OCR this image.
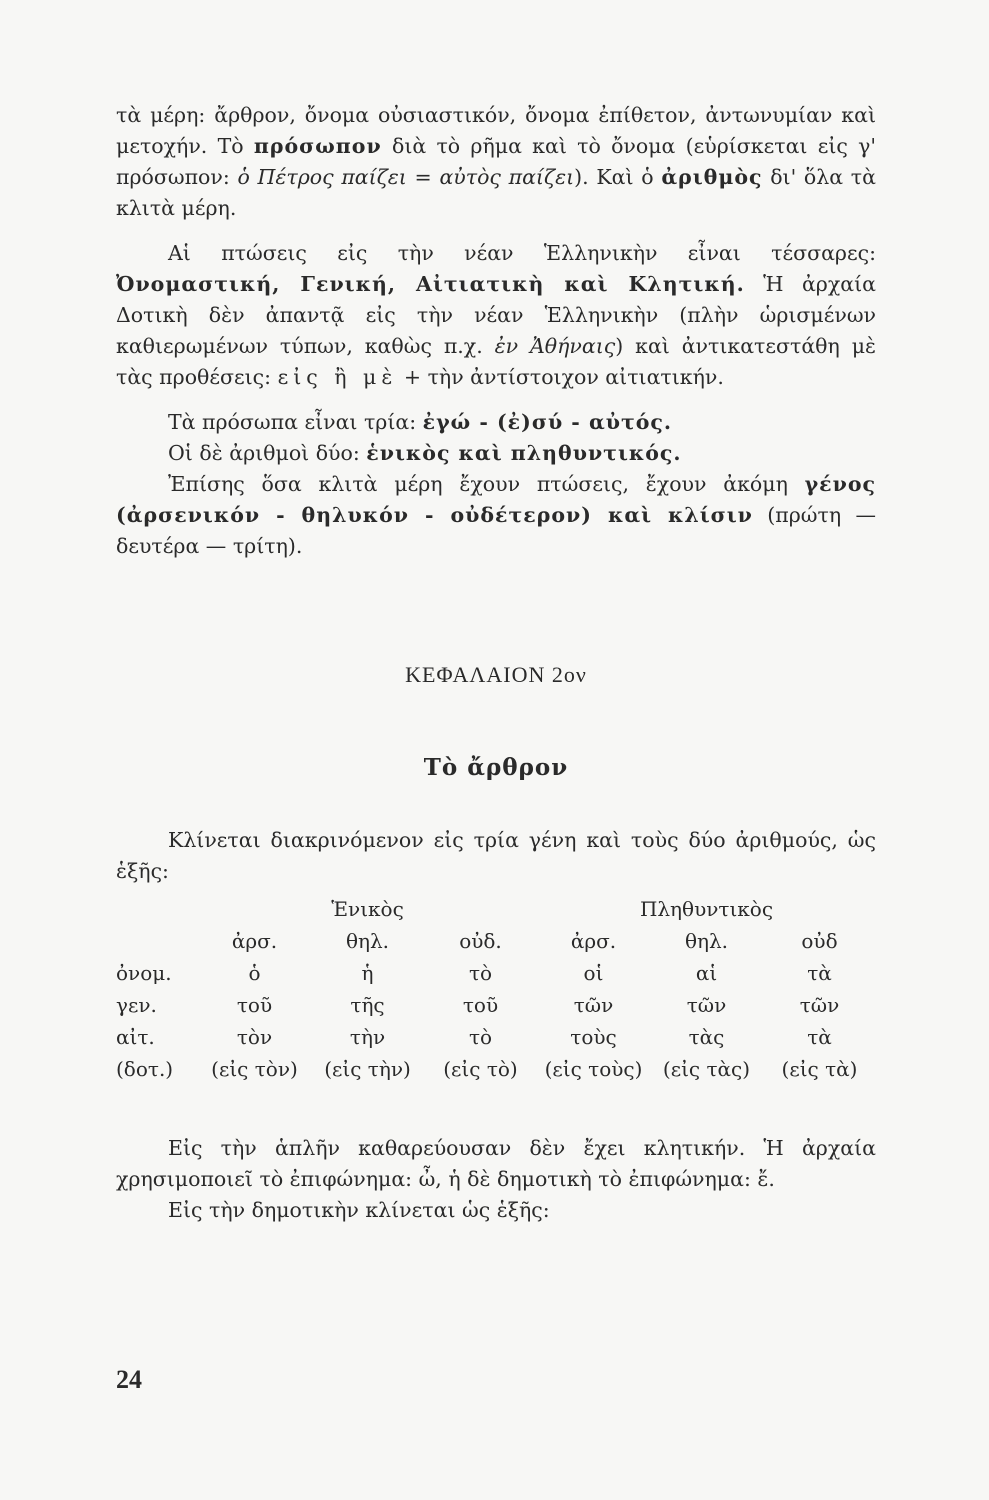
τὰ μέρη: ἄρθρον, ὄνομα οὐσιαστικόν, ὄνομα ἐπίθετον, ἀντωνυμίαν καὶ μετοχήν. Τὸ πρόσωπον διὰ τὸ ρῆμα καὶ τὸ ὄνομα (εὑρίσκεται εἰς γ' πρόσωπον: ὁ Πέτρος παίζει = αὐτὸς παίζει). Καὶ ὁ ἀριθμὸς δι' ὅλα τὰ κλιτὰ μέρη.

Αἱ πτώσεις εἰς τὴν νέαν Ἑλληνικὴν εἶναι τέσσαρες: Ὀνομαστική, Γενική, Αἰτιατικὴ καὶ Κλητική. Ἡ ἀρχαία Δοτικὴ δὲν ἀπαντᾷ εἰς τὴν νέαν Ἑλληνικὴν (πλὴν ὡρισμένων καθιερωμένων τύπων, καθὼς π.χ. ἐν Ἀθήναις) καὶ ἀντικατεστάθη μὲ τὰς προθέσεις: εἰς ἢ μὲ + τὴν ἀντίστοιχον αἰτιατικήν.

Τὰ πρόσωπα εἶναι τρία: ἐγώ - (ἐ)σύ - αὐτός.

Οἱ δὲ ἀριθμοὶ δύο: ἑνικὸς καὶ πληθυντικός.

Ἐπίσης ὅσα κλιτὰ μέρη ἔχουν πτώσεις, ἔχουν ἀκόμη γένος (ἀρσενικόν - θηλυκόν - οὐδέτερον) καὶ κλίσιν (πρώτη — δευτέρα — τρίτη).

ΚΕΦΑΛΑΙΟΝ 2ον
Τὸ ἄρθρον

Κλίνεται διακρινόμενον εἰς τρία γένη καὶ τοὺς δύο ἀριθμούς, ὡς ἑξῆς:

	Ἑνικὸς			Πληθυντικὸς		
	ἀρσ.	θηλ.	οὐδ.	ἀρσ.	θηλ.	οὐδ
ὀνομ.	ὁ	ἡ	τὸ	οἱ	αἱ	τὰ
γεν.	τοῦ	τῆς	τοῦ	τῶν	τῶν	τῶν
αἰτ.	τὸν	τὴν	τὸ	τοὺς	τὰς	τὰ
(δοτ.)	(εἰς τὸν)	(εἰς τὴν)	(εἰς τὸ)	(εἰς τοὺς)	(εἰς τὰς)	(εἰς τὰ)

Εἰς τὴν ἁπλῆν καθαρεύουσαν δὲν ἔχει κλητικήν. Ἡ ἀρχαία χρησιμοποιεῖ τὸ ἐπιφώνημα: ὦ, ἡ δὲ δημοτικὴ τὸ ἐπιφώνημα: ἔ.

Εἰς τὴν δημοτικὴν κλίνεται ὡς ἑξῆς:

24
